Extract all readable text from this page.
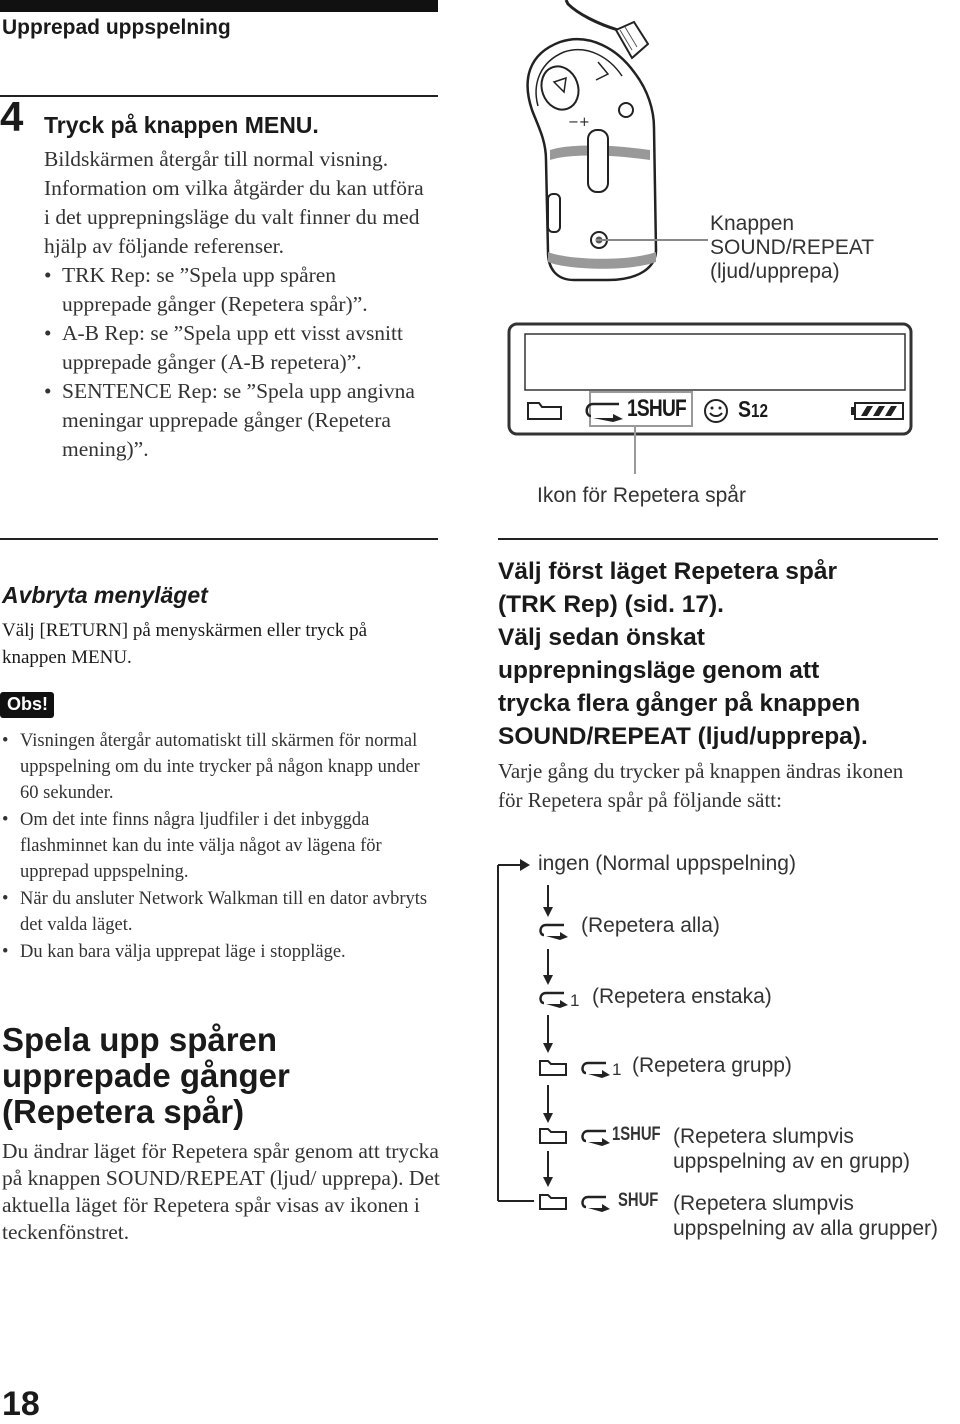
Upprepad uppspelning
4 Tryck på knappen MENU.
Bildskärmen återgår till normal visning. Information om vilka åtgärder du kan utföra i det upprepningsläge du valt finner du med hjälp av följande referenser.
• TRK Rep: se ”Spela upp spåren upprepade gånger (Repetera spår)”.
• A-B Rep: se ”Spela upp ett visst avsnitt upprepade gånger (A-B repetera)”.
• SENTENCE Rep: se ”Spela upp angivna meningar upprepade gånger (Repetera mening)”.
Avbryta menyläget
Välj [RETURN] på menyskärmen eller tryck på knappen MENU.
Obs!
• Visningen återgår automatiskt till skärmen för normal uppspelning om du inte trycker på någon knapp under 60 sekunder.
• Om det inte finns några ljudfiler i det inbyggda flashminnet kan du inte välja något av lägena för upprepad uppspelning.
• När du ansluter Network Walkman till en dator avbryts det valda läget.
• Du kan bara välja upprepat läge i stoppläge.
Spela upp spåren
upprepade gånger
(Repetera spår)
Du ändrar läget för Repetera spår genom att trycka på knappen SOUND/REPEAT (ljud/ upprepa). Det aktuella läget för Repetera spår visas av ikonen i teckenfönstret.
18
−+
Knappen
SOUND/REPEAT
(ljud/upprepa)
1SHUF S12
Ikon för Repetera spår
Välj först läget Repetera spår
(TRK Rep) (sid. 17).
Välj sedan önskat
upprepningsläge genom att
trycka flera gånger på knappen
SOUND/REPEAT (ljud/upprepa).
Varje gång du trycker på knappen ändras ikonen för Repetera spår på följande sätt:
ingen (Normal uppspelning)
(Repetera alla)
1 (Repetera enstaka)
1 (Repetera grupp)
1SHUF (Repetera slumpvis
uppspelning av en grupp)
SHUF (Repetera slumpvis
uppspelning av alla grupper)
